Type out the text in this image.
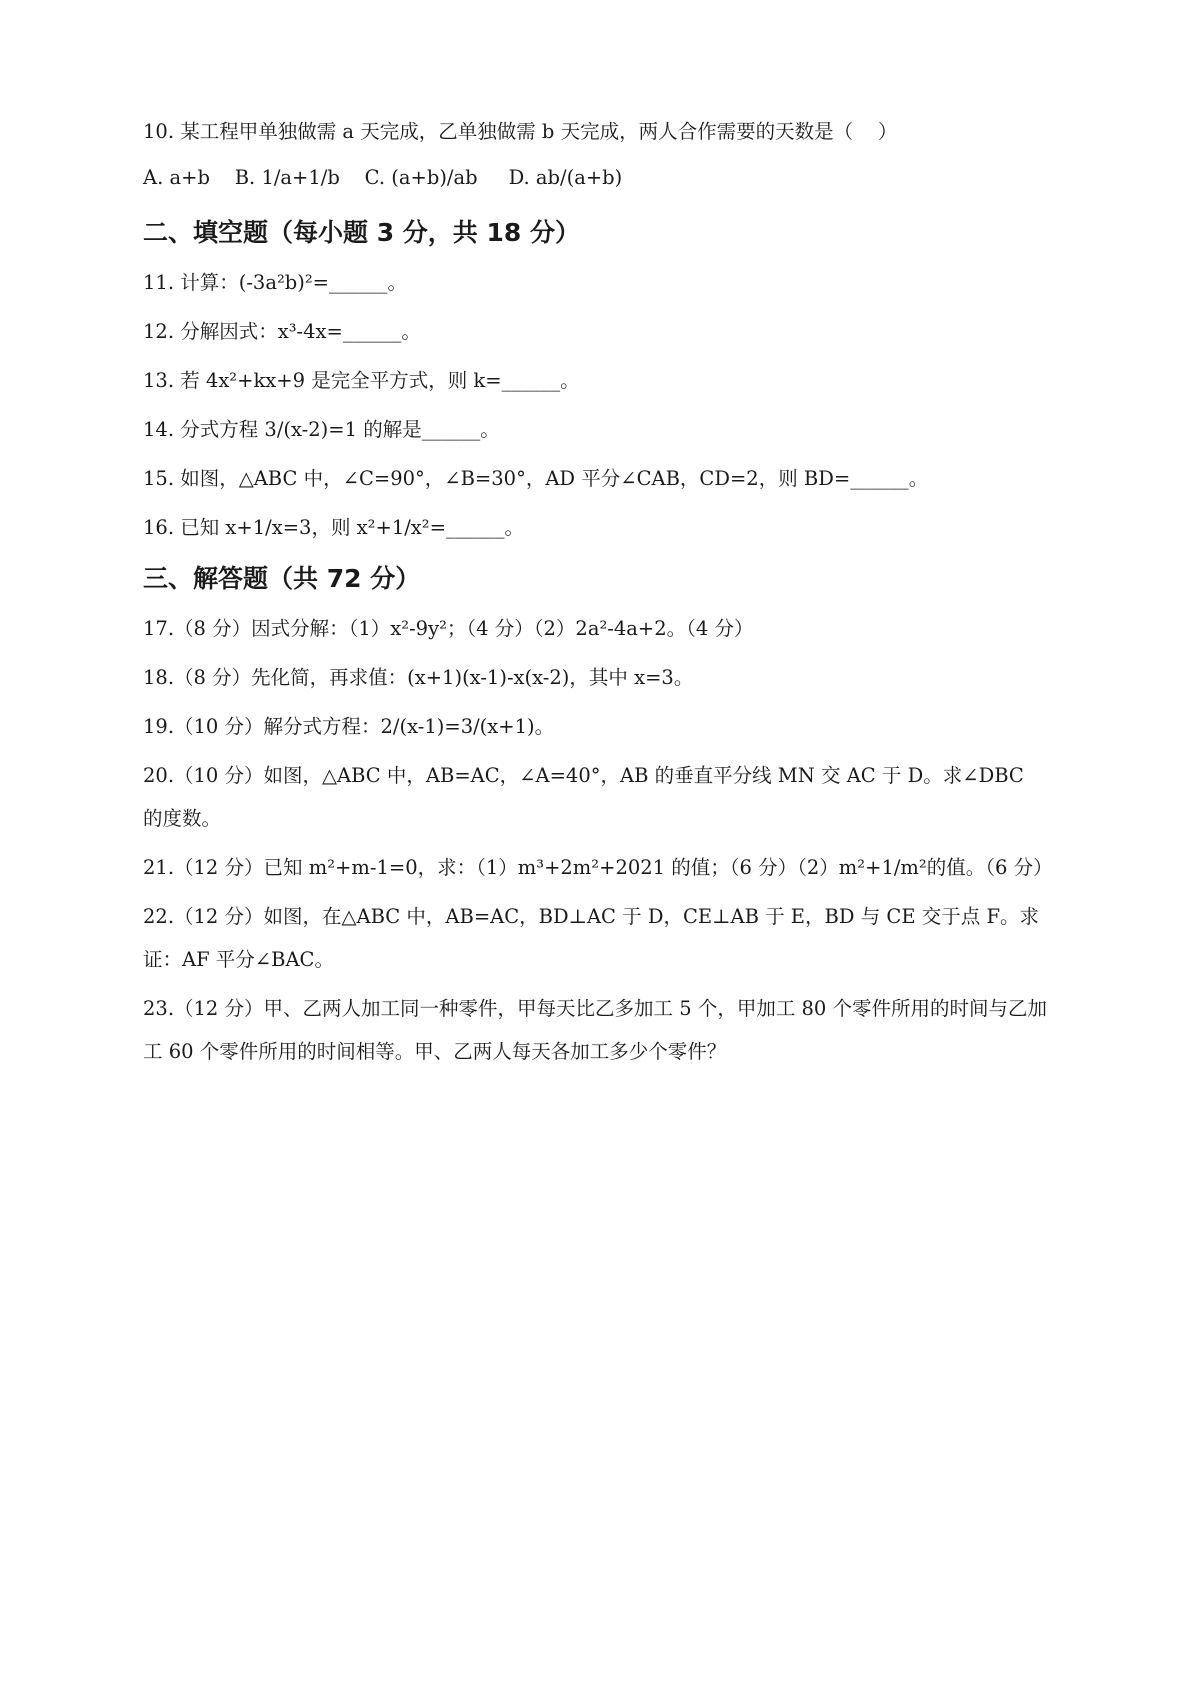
10. 某工程甲单独做需 a 天完成，乙单独做需 b 天完成，两人合作需要的天数是（    ）
A. a+b    B. 1/a+1/b    C. (a+b)/ab     D. ab/(a+b)
二、填空题（每小题 3 分，共 18 分）
11. 计算：(-3a²b)²=______。
12. 分解因式：x³-4x=______。
13. 若 4x²+kx+9 是完全平方式，则 k=______。
14. 分式方程 3/(x-2)=1 的解是______。
15. 如图，△ABC 中，∠C=90°，∠B=30°，AD 平分∠CAB，CD=2，则 BD=______。
16. 已知 x+1/x=3，则 x²+1/x²=______。
三、解答题（共 72 分）
17.（8 分）因式分解：（1）x²-9y²；（4 分）（2）2a²-4a+2。（4 分）
18.（8 分）先化简，再求值：(x+1)(x-1)-x(x-2)，其中 x=3。
19.（10 分）解分式方程：2/(x-1)=3/(x+1)。
20.（10 分）如图，△ABC 中，AB=AC，∠A=40°，AB 的垂直平分线 MN 交 AC 于 D。求∠DBC 的度数。
21.（12 分）已知 m²+m-1=0，求：（1）m³+2m²+2021 的值；（6 分）（2）m²+1/m²的值。（6 分）
22.（12 分）如图，在△ABC 中，AB=AC，BD⊥AC 于 D，CE⊥AB 于 E，BD 与 CE 交于点 F。求证：AF 平分∠BAC。
23.（12 分）甲、乙两人加工同一种零件，甲每天比乙多加工 5 个，甲加工 80 个零件所用的时间与乙加工 60 个零件所用的时间相等。甲、乙两人每天各加工多少个零件？
